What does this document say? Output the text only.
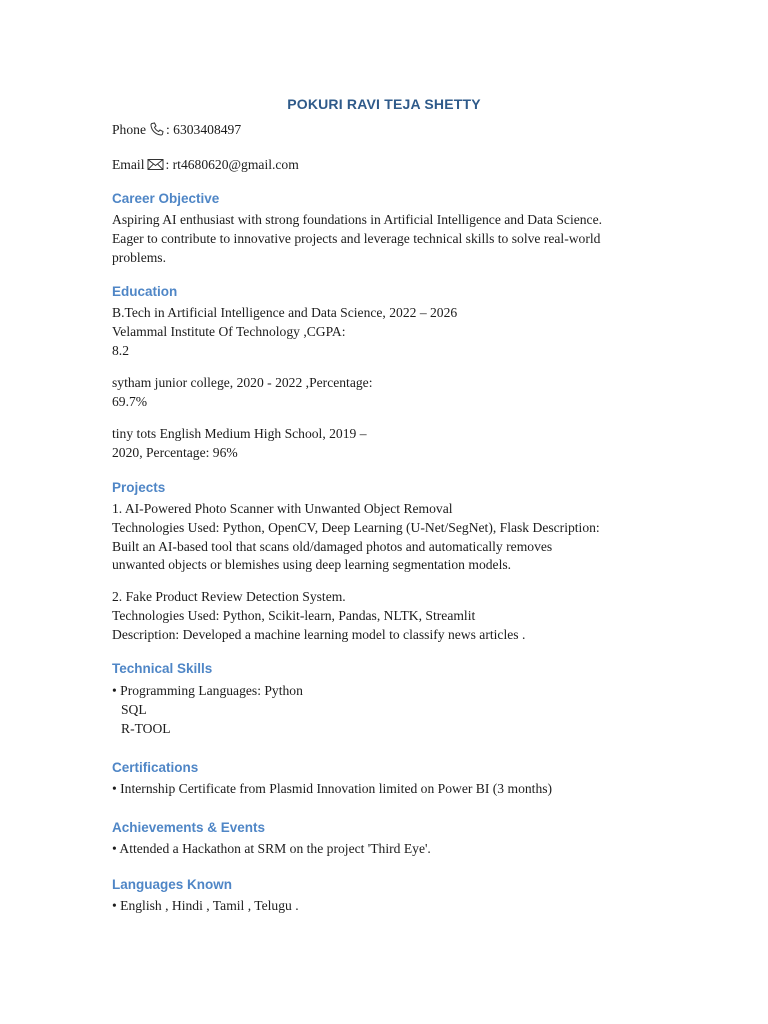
POKURI RAVI TEJA SHETTY
Phone : 6303408497
Email : rt4680620@gmail.com
Career Objective
Aspiring AI enthusiast with strong foundations in Artificial Intelligence and Data Science.
Eager to contribute to innovative projects and leverage technical skills to solve real-world
problems.
Education
B.Tech in Artificial Intelligence and Data Science, 2022 – 2026
Velammal Institute Of Technology ,CGPA:
8.2
sytham junior college, 2020 - 2022 ,Percentage:
69.7%
tiny tots English Medium High School, 2019 –
2020, Percentage: 96%
Projects
1. AI-Powered Photo Scanner with Unwanted Object Removal
Technologies Used: Python, OpenCV, Deep Learning (U-Net/SegNet), Flask Description:
Built an AI-based tool that scans old/damaged photos and automatically removes
unwanted objects or blemishes using deep learning segmentation models.
2. Fake Product Review Detection System.
Technologies Used: Python, Scikit-learn, Pandas, NLTK, Streamlit
Description: Developed a machine learning model to classify news articles .
Technical Skills
• Programming Languages: Python
SQL
R-TOOL
Certifications
• Internship Certificate from Plasmid Innovation limited on Power BI (3 months)
Achievements & Events
• Attended a Hackathon at SRM on the project 'Third Eye'.
Languages Known
• English , Hindi , Tamil , Telugu .
